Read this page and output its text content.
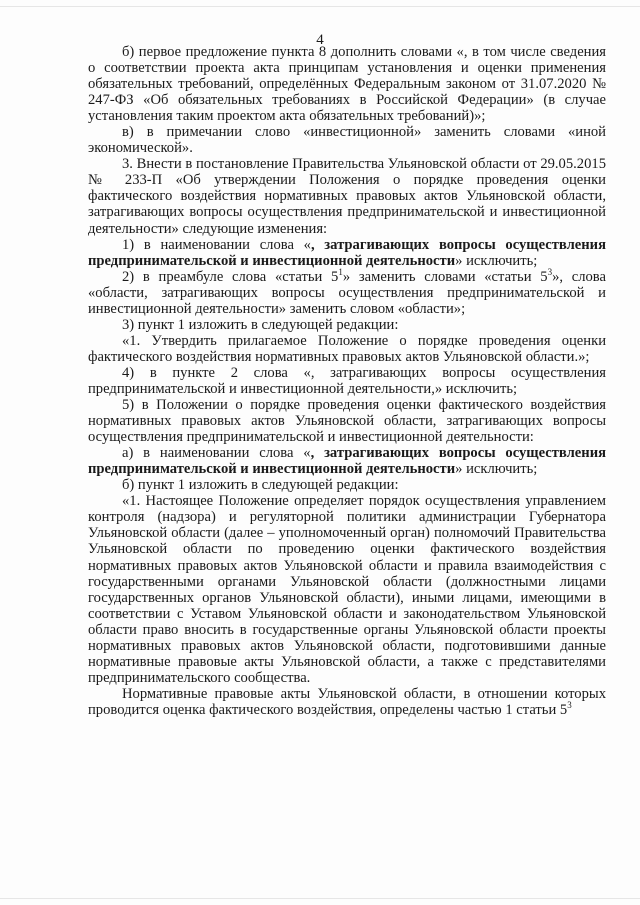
4

б) первое предложение пункта 8 дополнить словами «, в том числе сведения о соответствии проекта акта принципам установления и оценки применения обязательных требований, определённых Федеральным законом от 31.07.2020 № 247-ФЗ «Об обязательных требованиях в Российской Федерации» (в случае установления таким проектом акта обязательных требований)»;

в) в примечании слово «инвестиционной» заменить словами «иной экономической».

3. Внести в постановление Правительства Ульяновской области от 29.05.2015 № 233-П «Об утверждении Положения о порядке проведения оценки фактического воздействия нормативных правовых актов Ульяновской области, затрагивающих вопросы осуществления предпринимательской и инвестиционной деятельности» следующие изменения:

1) в наименовании слова «, затрагивающих вопросы осуществления предпринимательской и инвестиционной деятельности» исключить;

2) в преамбуле слова «статьи $5^1$» заменить словами «статьи $5^3$», слова «области, затрагивающих вопросы осуществления предпринимательской и инвестиционной деятельности» заменить словом «области»;

3) пункт 1 изложить в следующей редакции:

«1. Утвердить прилагаемое Положение о порядке проведения оценки фактического воздействия нормативных правовых актов Ульяновской области.»;

4) в пункте 2 слова «, затрагивающих вопросы осуществления предпринимательской и инвестиционной деятельности,» исключить;

5) в Положении о порядке проведения оценки фактического воздействия нормативных правовых актов Ульяновской области, затрагивающих вопросы осуществления предпринимательской и инвестиционной деятельности:

а) в наименовании слова «, затрагивающих вопросы осуществления предпринимательской и инвестиционной деятельности» исключить;

б) пункт 1 изложить в следующей редакции:

«1. Настоящее Положение определяет порядок осуществления управлением контроля (надзора) и регуляторной политики администрации Губернатора Ульяновской области (далее – уполномоченный орган) полномочий Правительства Ульяновской области по проведению оценки фактического воздействия нормативных правовых актов Ульяновской области и правила взаимодействия с государственными органами Ульяновской области (должностными лицами государственных органов Ульяновской области), иными лицами, имеющими в соответствии с Уставом Ульяновской области и законодательством Ульяновской области право вносить в государственные органы Ульяновской области проекты нормативных правовых актов Ульяновской области, подготовившими данные нормативные правовые акты Ульяновской области, а также с представителями предпринимательского сообщества.

Нормативные правовые акты Ульяновской области, в отношении которых проводится оценка фактического воздействия, определены частью 1 статьи $5^3$
